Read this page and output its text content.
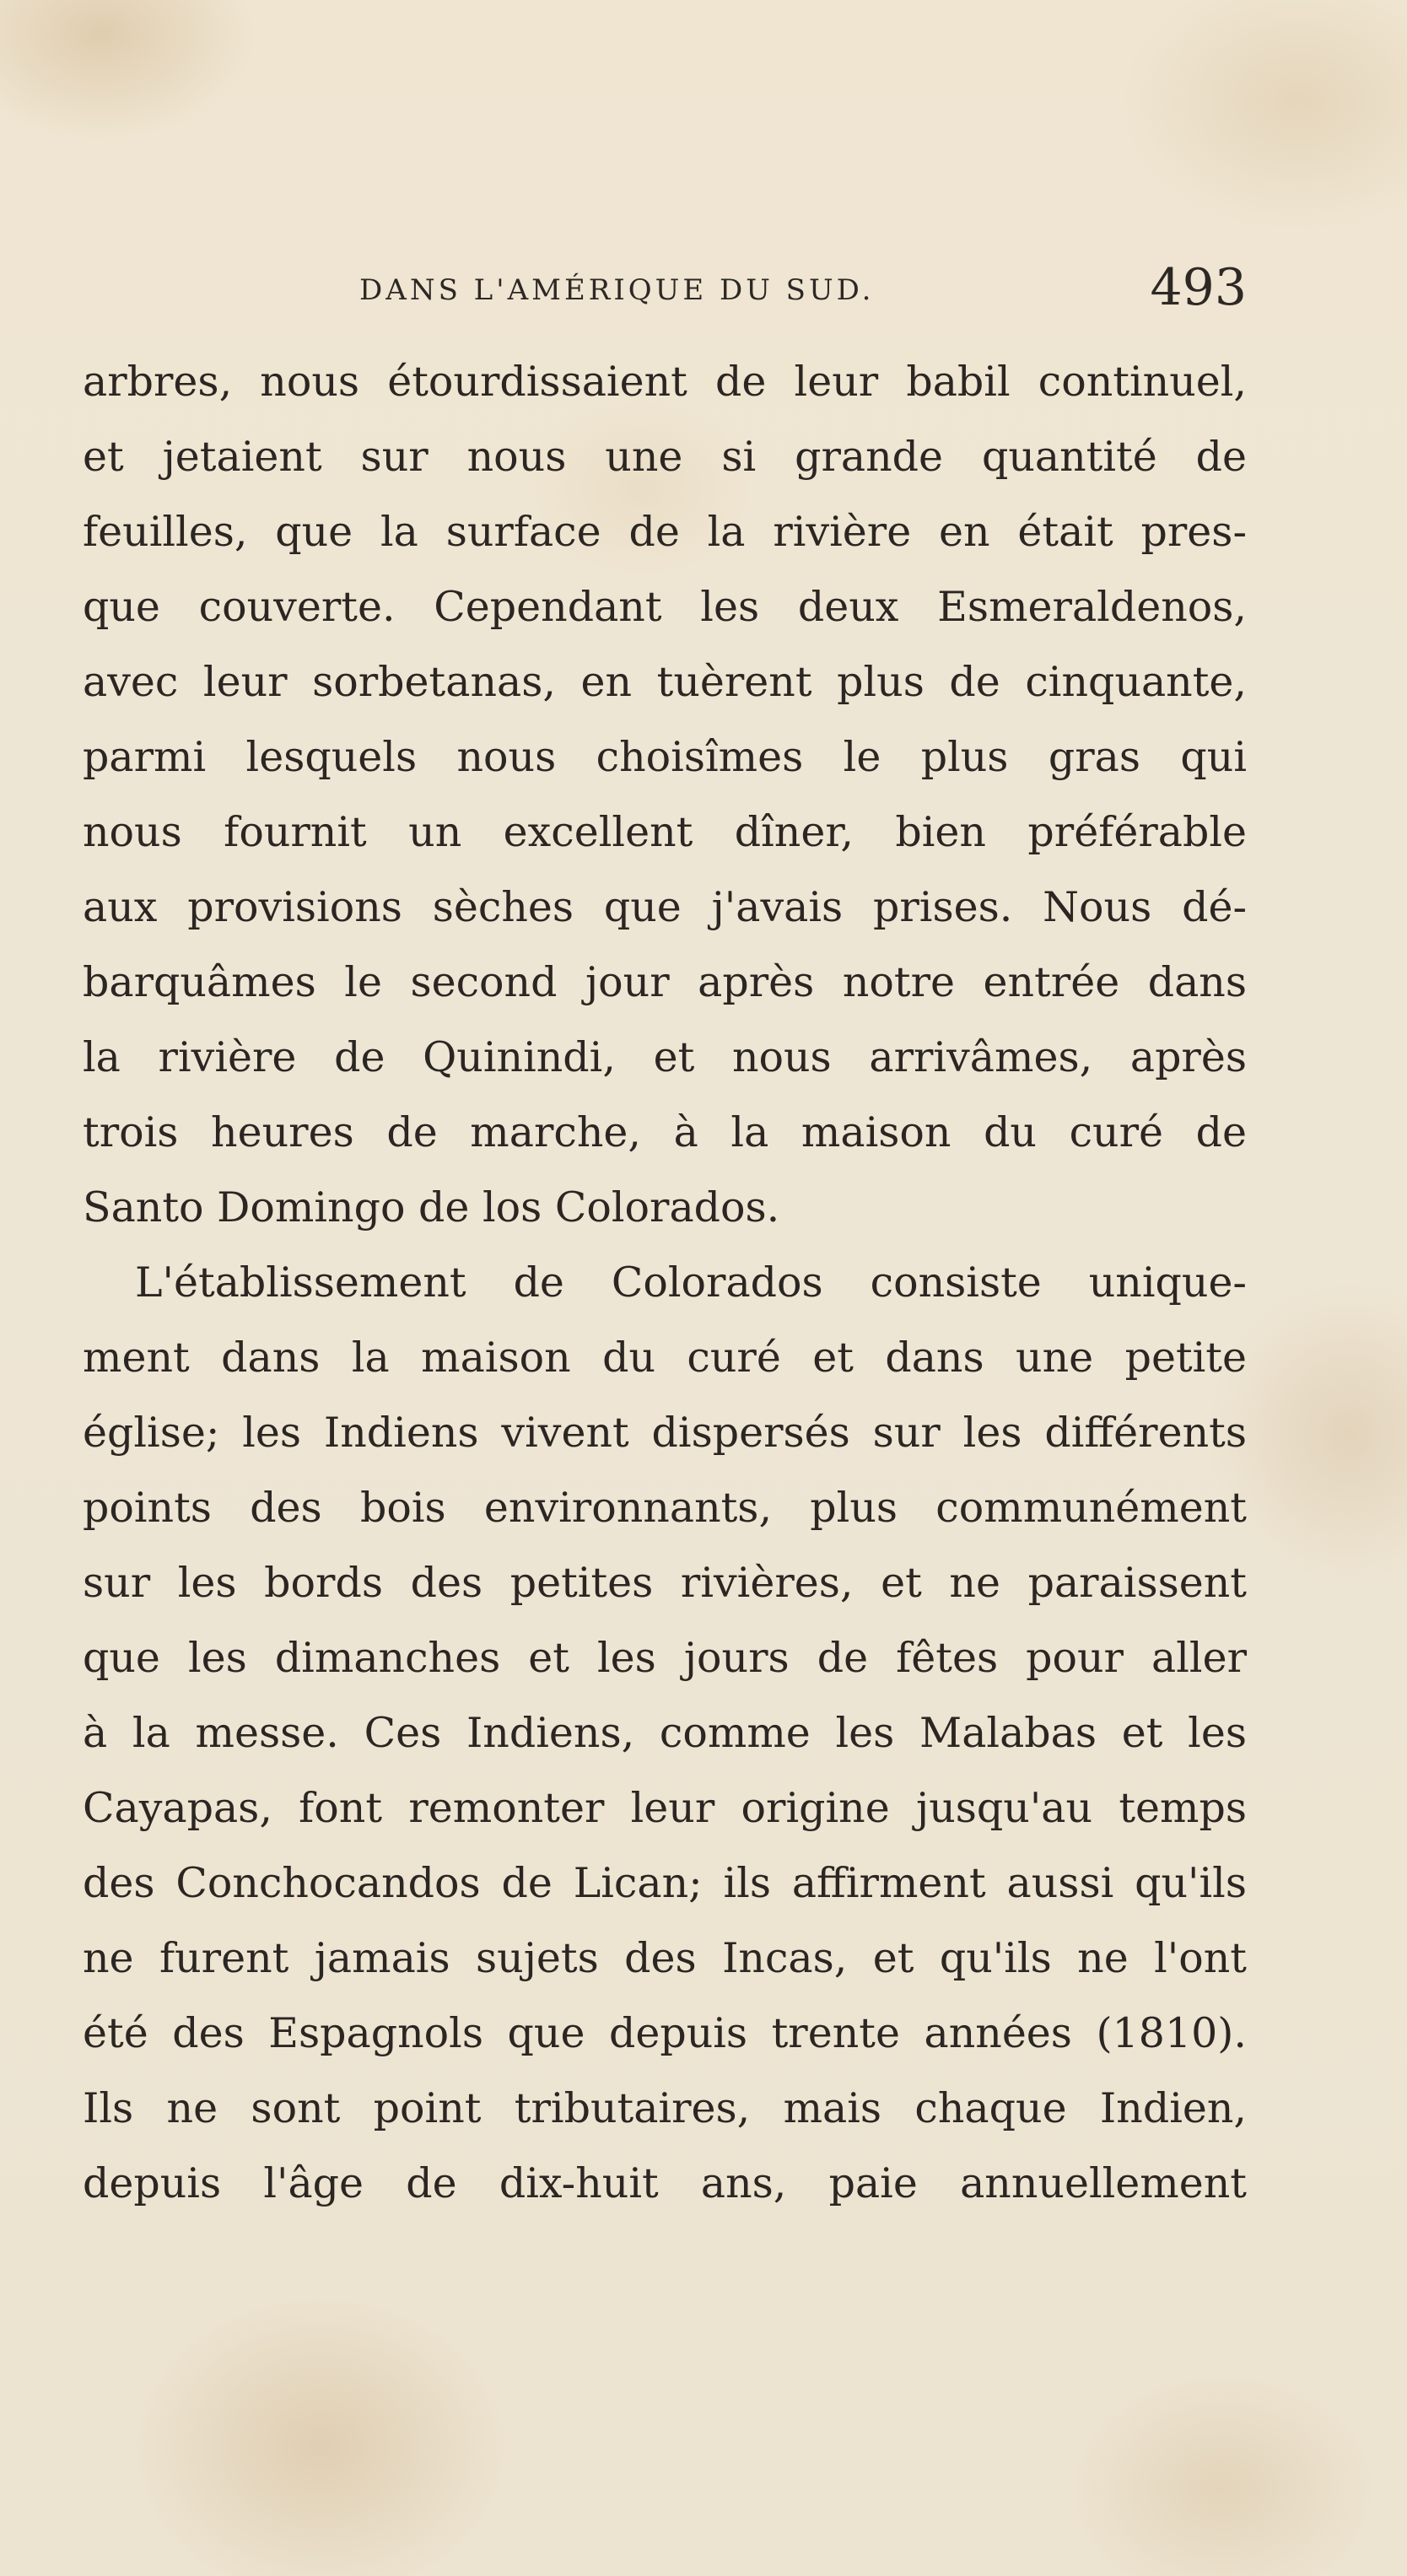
DANS L'AMÉRIQUE DU SUD.	493
arbres, nous étourdissaient de leur babil continuel,
et jetaient sur nous une si grande quantité de
feuilles, que la surface de la rivière en était pres-
que couverte. Cependant les deux Esmeraldenos,
avec leur sorbetanas, en tuèrent plus de cinquante,
parmi lesquels nous choisîmes le plus gras qui
nous fournit un excellent dîner, bien préférable
aux provisions sèches que j'avais prises. Nous dé-
barquâmes le second jour après notre entrée dans
la rivière de Quinindi, et nous arrivâmes, après
trois heures de marche, à la maison du curé de
Santo Domingo de los Colorados.
L'établissement de Colorados consiste unique-
ment dans la maison du curé et dans une petite
église; les Indiens vivent dispersés sur les différents
points des bois environnants, plus communément
sur les bords des petites rivières, et ne paraissent
que les dimanches et les jours de fêtes pour aller
à la messe. Ces Indiens, comme les Malabas et les
Cayapas, font remonter leur origine jusqu'au temps
des Conchocandos de Lican; ils affirment aussi qu'ils
ne furent jamais sujets des Incas, et qu'ils ne l'ont
été des Espagnols que depuis trente années (1810).
Ils ne sont point tributaires, mais chaque Indien,
depuis l'âge de dix-huit ans, paie annuellement
